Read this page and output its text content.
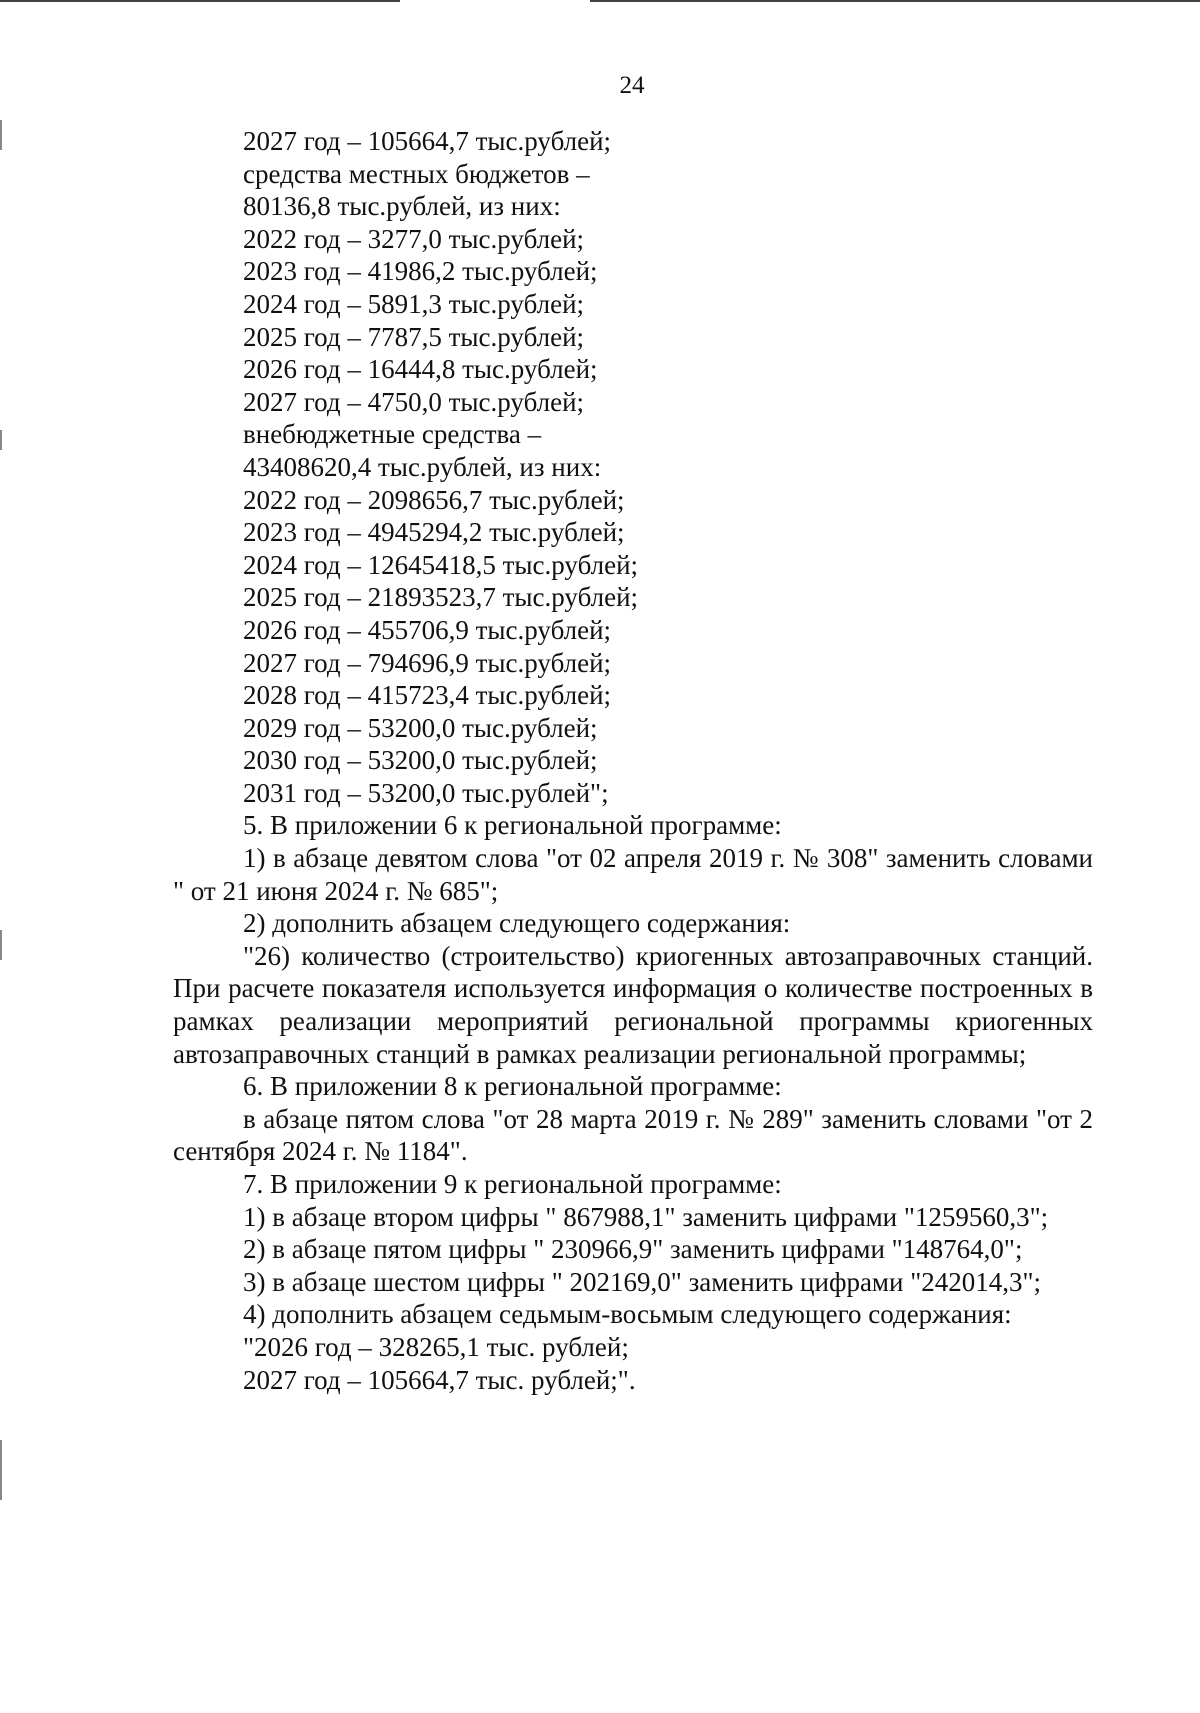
24
2027 год – 105664,7 тыс.рублей;
средства местных бюджетов –
80136,8 тыс.рублей, из них:
2022 год – 3277,0 тыс.рублей;
2023 год – 41986,2 тыс.рублей;
2024 год – 5891,3 тыс.рублей;
2025 год – 7787,5 тыс.рублей;
2026 год – 16444,8 тыс.рублей;
2027 год – 4750,0 тыс.рублей;
внебюджетные средства –
43408620,4 тыс.рублей, из них:
2022 год – 2098656,7 тыс.рублей;
2023 год – 4945294,2 тыс.рублей;
2024 год – 12645418,5 тыс.рублей;
2025 год – 21893523,7 тыс.рублей;
2026 год – 455706,9 тыс.рублей;
2027 год – 794696,9 тыс.рублей;
2028 год – 415723,4 тыс.рублей;
2029 год – 53200,0 тыс.рублей;
2030 год – 53200,0 тыс.рублей;
2031 год – 53200,0 тыс.рублей";
5. В приложении 6 к региональной программе:
1) в абзаце девятом слова "от 02 апреля 2019 г. № 308" заменить словами " от 21 июня 2024 г. № 685";
2) дополнить абзацем следующего содержания:
"26) количество (строительство) криогенных автозаправочных станций. При расчете показателя используется информация о количестве построенных в рамках реализации мероприятий региональной программы криогенных автозаправочных станций в рамках реализации региональной программы;
6. В приложении 8 к региональной программе:
в абзаце пятом слова "от 28 марта 2019 г. № 289" заменить словами "от 2 сентября 2024 г. № 1184".
7. В приложении 9 к региональной программе:
1) в абзаце втором цифры " 867988,1" заменить цифрами "1259560,3";
2) в абзаце пятом цифры " 230966,9" заменить цифрами "148764,0";
3) в абзаце шестом цифры " 202169,0" заменить цифрами "242014,3";
4) дополнить абзацем седьмым-восьмым следующего содержания:
"2026 год – 328265,1 тыс. рублей;
2027 год – 105664,7 тыс. рублей;".
